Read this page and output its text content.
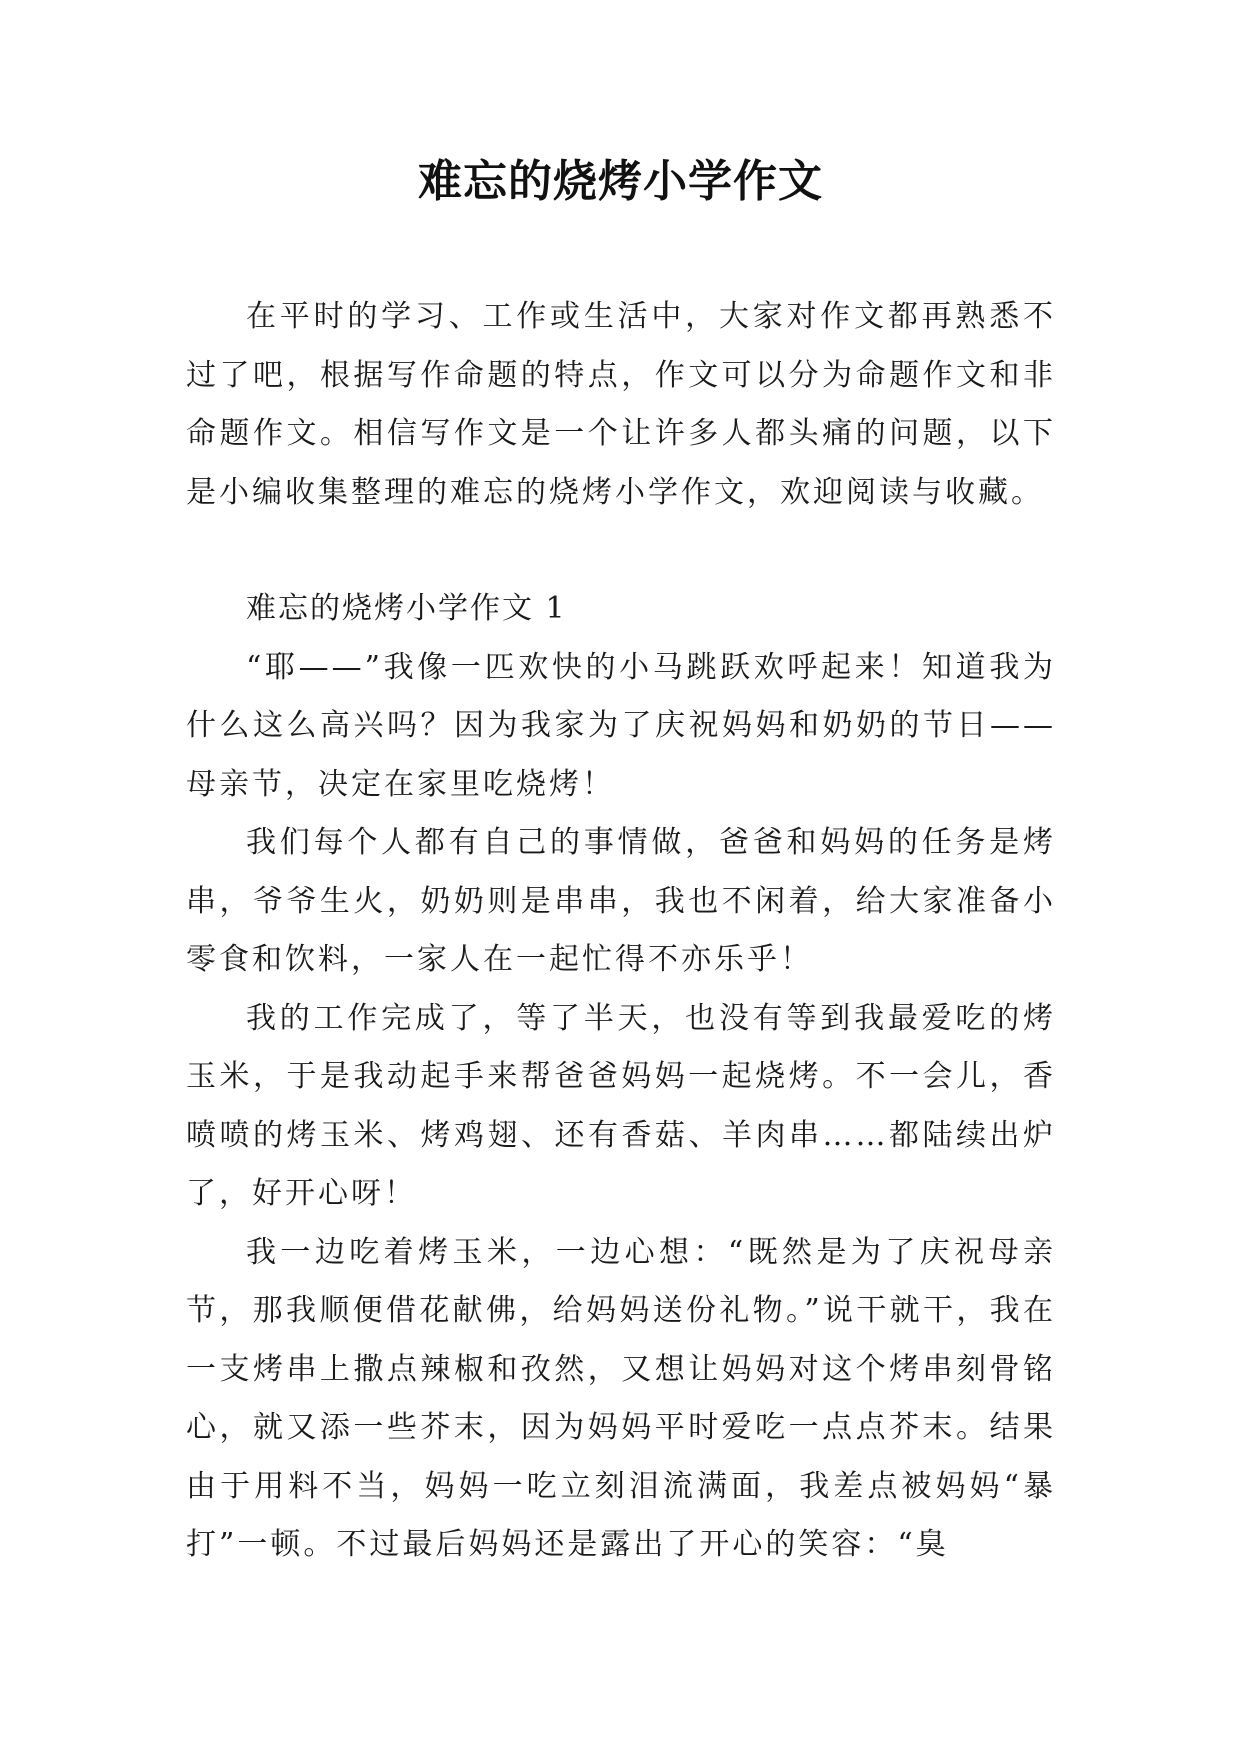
难忘的烧烤小学作文

在平时的学习、工作或生活中，大家对作文都再熟悉不过了吧，根据写作命题的特点，作文可以分为命题作文和非命题作文。相信写作文是一个让许多人都头痛的问题，以下是小编收集整理的难忘的烧烤小学作文，欢迎阅读与收藏。

难忘的烧烤小学作文 1

“耶——”我像一匹欢快的小马跳跃欢呼起来！知道我为什么这么高兴吗？因为我家为了庆祝妈妈和奶奶的节日——母亲节，决定在家里吃烧烤！

我们每个人都有自己的事情做，爸爸和妈妈的任务是烤串，爷爷生火，奶奶则是串串，我也不闲着，给大家准备小零食和饮料，一家人在一起忙得不亦乐乎！

我的工作完成了，等了半天，也没有等到我最爱吃的烤玉米，于是我动起手来帮爸爸妈妈一起烧烤。不一会儿，香喷喷的烤玉米、烤鸡翅、还有香菇、羊肉串……都陆续出炉了，好开心呀！

我一边吃着烤玉米，一边心想：“既然是为了庆祝母亲节，那我顺便借花献佛，给妈妈送份礼物。”说干就干，我在一支烤串上撒点辣椒和孜然，又想让妈妈对这个烤串刻骨铭心，就又添一些芥末，因为妈妈平时爱吃一点点芥末。结果由于用料不当，妈妈一吃立刻泪流满面，我差点被妈妈“暴打”一顿。不过最后妈妈还是露出了开心的笑容：“臭
